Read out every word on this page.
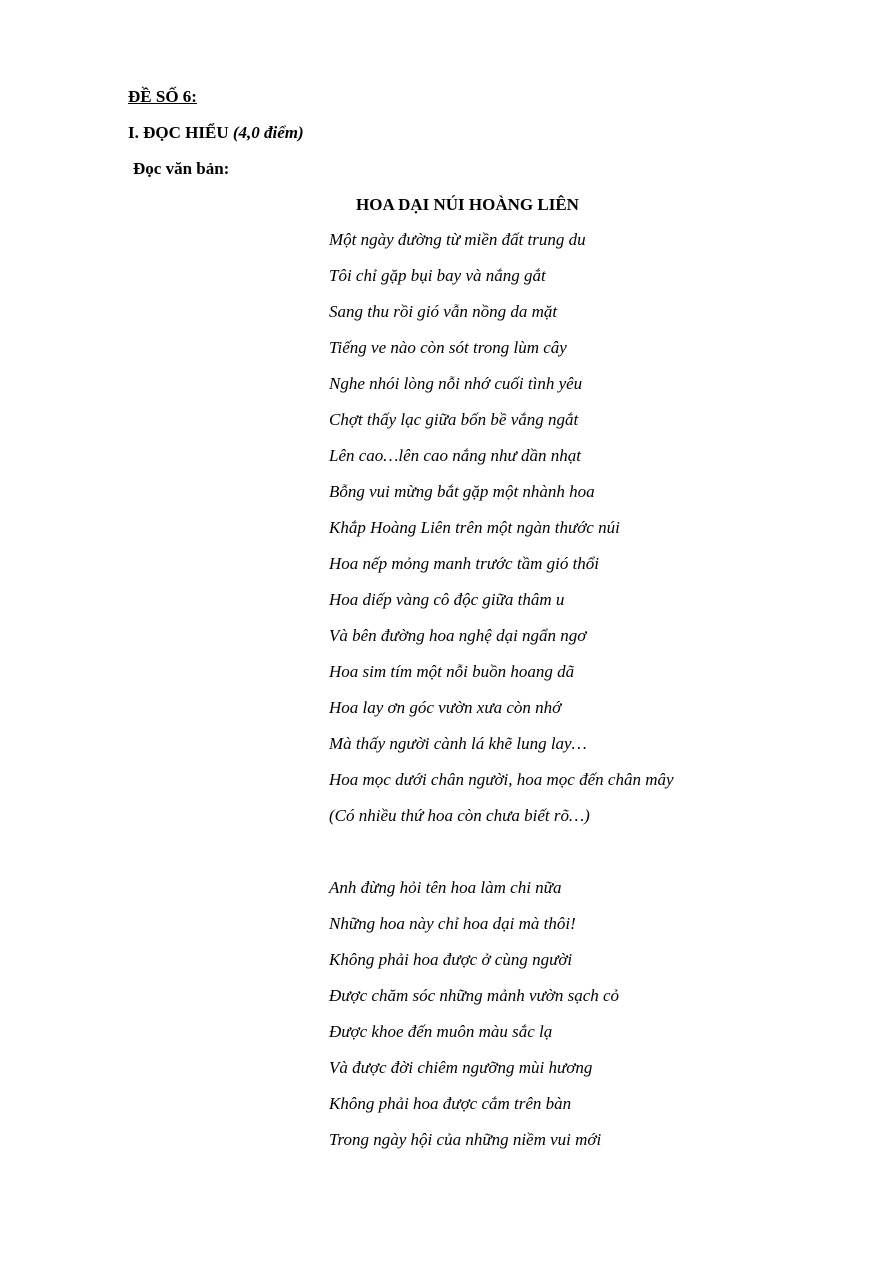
ĐỀ SỐ 6:
I. ĐỌC HIỂU (4,0 điểm)
Đọc văn bản:
HOA DẠI NÚI HOÀNG LIÊN
Một ngày đường từ miền đất trung du
Tôi chỉ gặp bụi bay và nắng gắt
Sang thu rồi gió vẫn nồng da mặt
Tiếng ve nào còn sót trong lùm cây
Nghe nhói lòng nỗi nhớ cuối tình yêu
Chợt thấy lạc giữa bốn bề vắng ngắt
Lên cao…lên cao nắng như dần nhạt
Bỗng vui mừng bắt gặp một nhành hoa
Khắp Hoàng Liên trên một ngàn thước núi
Hoa nếp mỏng manh trước tầm gió thổi
Hoa diếp vàng cô độc giữa thâm u
Và bên đường hoa nghệ dại ngẩn ngơ
Hoa sim tím một nỗi buồn hoang dã
Hoa lay ơn góc vườn xưa còn nhớ
Mà thấy người cành lá khẽ lung lay…
Hoa mọc dưới chân người, hoa mọc đến chân mây
(Có nhiều thứ hoa còn chưa biết rõ…)
Anh đừng hỏi tên hoa làm chi nữa
Những hoa này chỉ hoa dại mà thôi!
Không phải hoa được ở cùng người
Được chăm sóc những mảnh vườn sạch cỏ
Được khoe đến muôn màu sắc lạ
Và được đời chiêm ngưỡng mùi hương
Không phải hoa được cắm trên bàn
Trong ngày hội của những niềm vui mới
